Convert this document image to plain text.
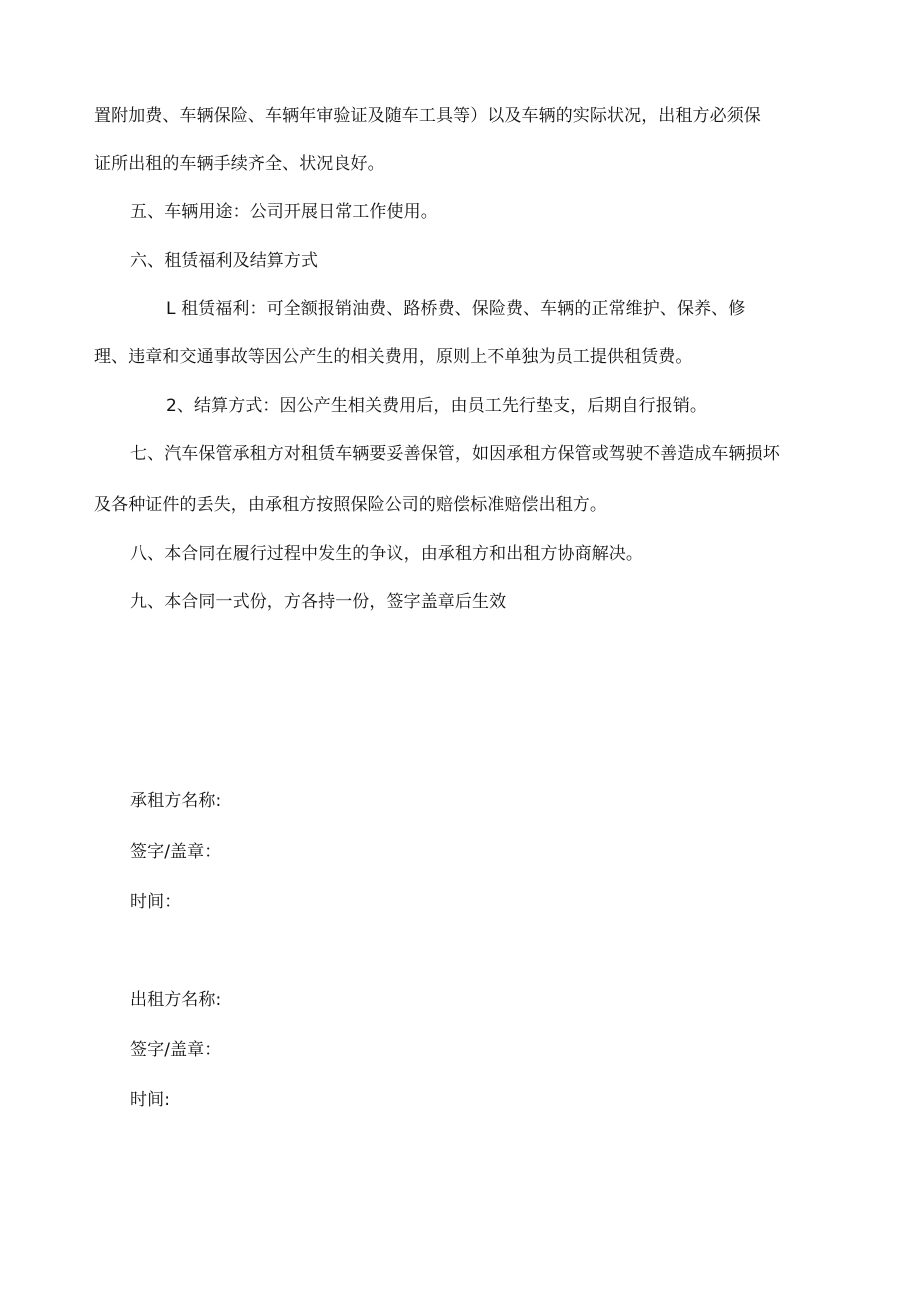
置附加费、车辆保险、车辆年审验证及随车工具等）以及车辆的实际状况，出租方必须保
证所出租的车辆手续齐全、状况良好。
五、车辆用途：公司开展日常工作使用。
六、租赁福利及结算方式
L 租赁福利：可全额报销油费、路桥费、保险费、车辆的正常维护、保养、修
理、违章和交通事故等因公产生的相关费用，原则上不单独为员工提供租赁费。
2、结算方式：因公产生相关费用后，由员工先行垫支，后期自行报销。
七、汽车保管承租方对租赁车辆要妥善保管，如因承租方保管或驾驶不善造成车辆损坏
及各种证件的丢失，由承租方按照保险公司的赔偿标准赔偿出租方。
八、本合同在履行过程中发生的争议，由承租方和出租方协商解决。
九、本合同一式份，方各持一份，签字盖章后生效
承租方名称:
签字/盖章：
时间：
出租方名称:
签字/盖章：
时间:
